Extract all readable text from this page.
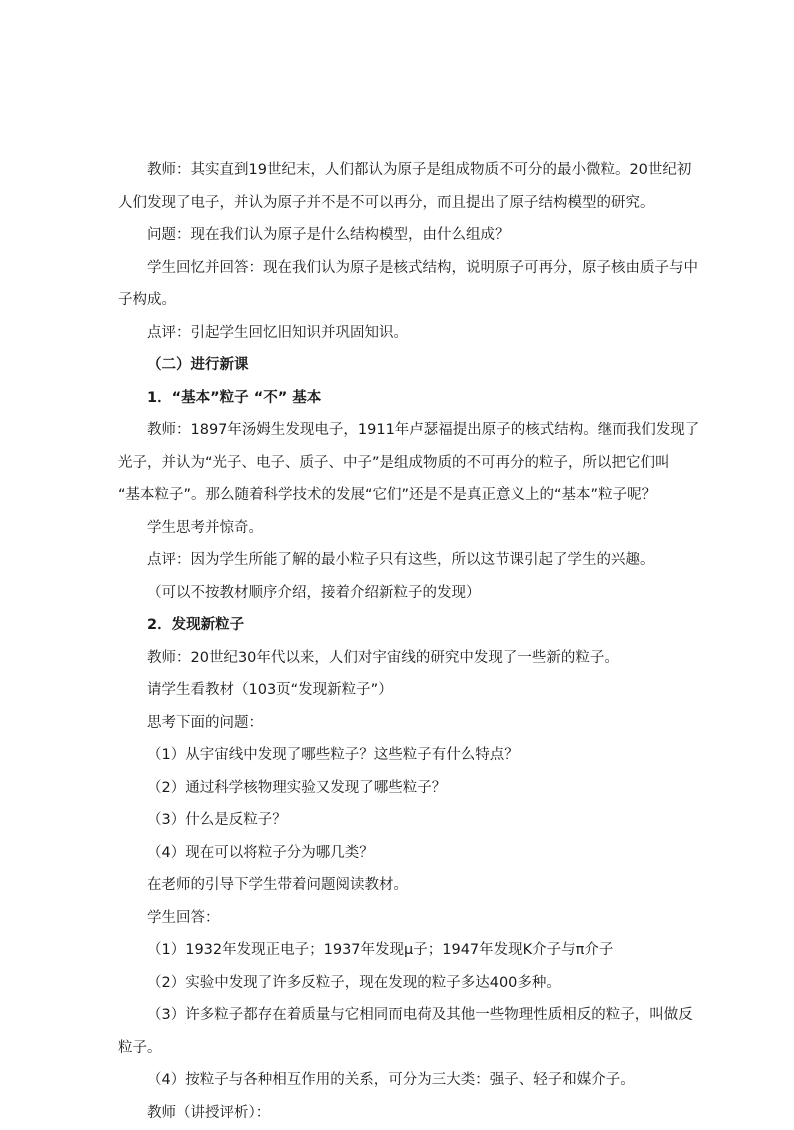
教师：其实直到19世纪末，人们都认为原子是组成物质不可分的最小微粒。20世纪初
人们发现了电子，并认为原子并不是不可以再分，而且提出了原子结构模型的研究。
问题：现在我们认为原子是什么结构模型，由什么组成？
学生回忆并回答：现在我们认为原子是核式结构，说明原子可再分，原子核由质子与中
子构成。
点评：引起学生回忆旧知识并巩固知识。
（二）进行新课
1．“基本”粒子 “不” 基本
教师：1897年汤姆生发现电子，1911年卢瑟福提出原子的核式结构。继而我们发现了
光子，并认为“光子、电子、质子、中子”是组成物质的不可再分的粒子，所以把它们叫
“基本粒子”。那么随着科学技术的发展“它们”还是不是真正意义上的“基本”粒子呢？
学生思考并惊奇。
点评：因为学生所能了解的最小粒子只有这些，所以这节课引起了学生的兴趣。
（可以不按教材顺序介绍，接着介绍新粒子的发现）
2．发现新粒子
教师：20世纪30年代以来，人们对宇宙线的研究中发现了一些新的粒子。
请学生看教材（103页“发现新粒子”）
思考下面的问题：
（1）从宇宙线中发现了哪些粒子？这些粒子有什么特点？
（2）通过科学核物理实验又发现了哪些粒子？
（3）什么是反粒子？
（4）现在可以将粒子分为哪几类？
在老师的引导下学生带着问题阅读教材。
学生回答：
（1）1932年发现正电子；1937年发现μ子；1947年发现K介子与π介子
（2）实验中发现了许多反粒子，现在发现的粒子多达400多种。
（3）许多粒子都存在着质量与它相同而电荷及其他一些物理性质相反的粒子，叫做反
粒子。
（4）按粒子与各种相互作用的关系，可分为三大类：强子、轻子和媒介子。
教师（讲授评析）：
